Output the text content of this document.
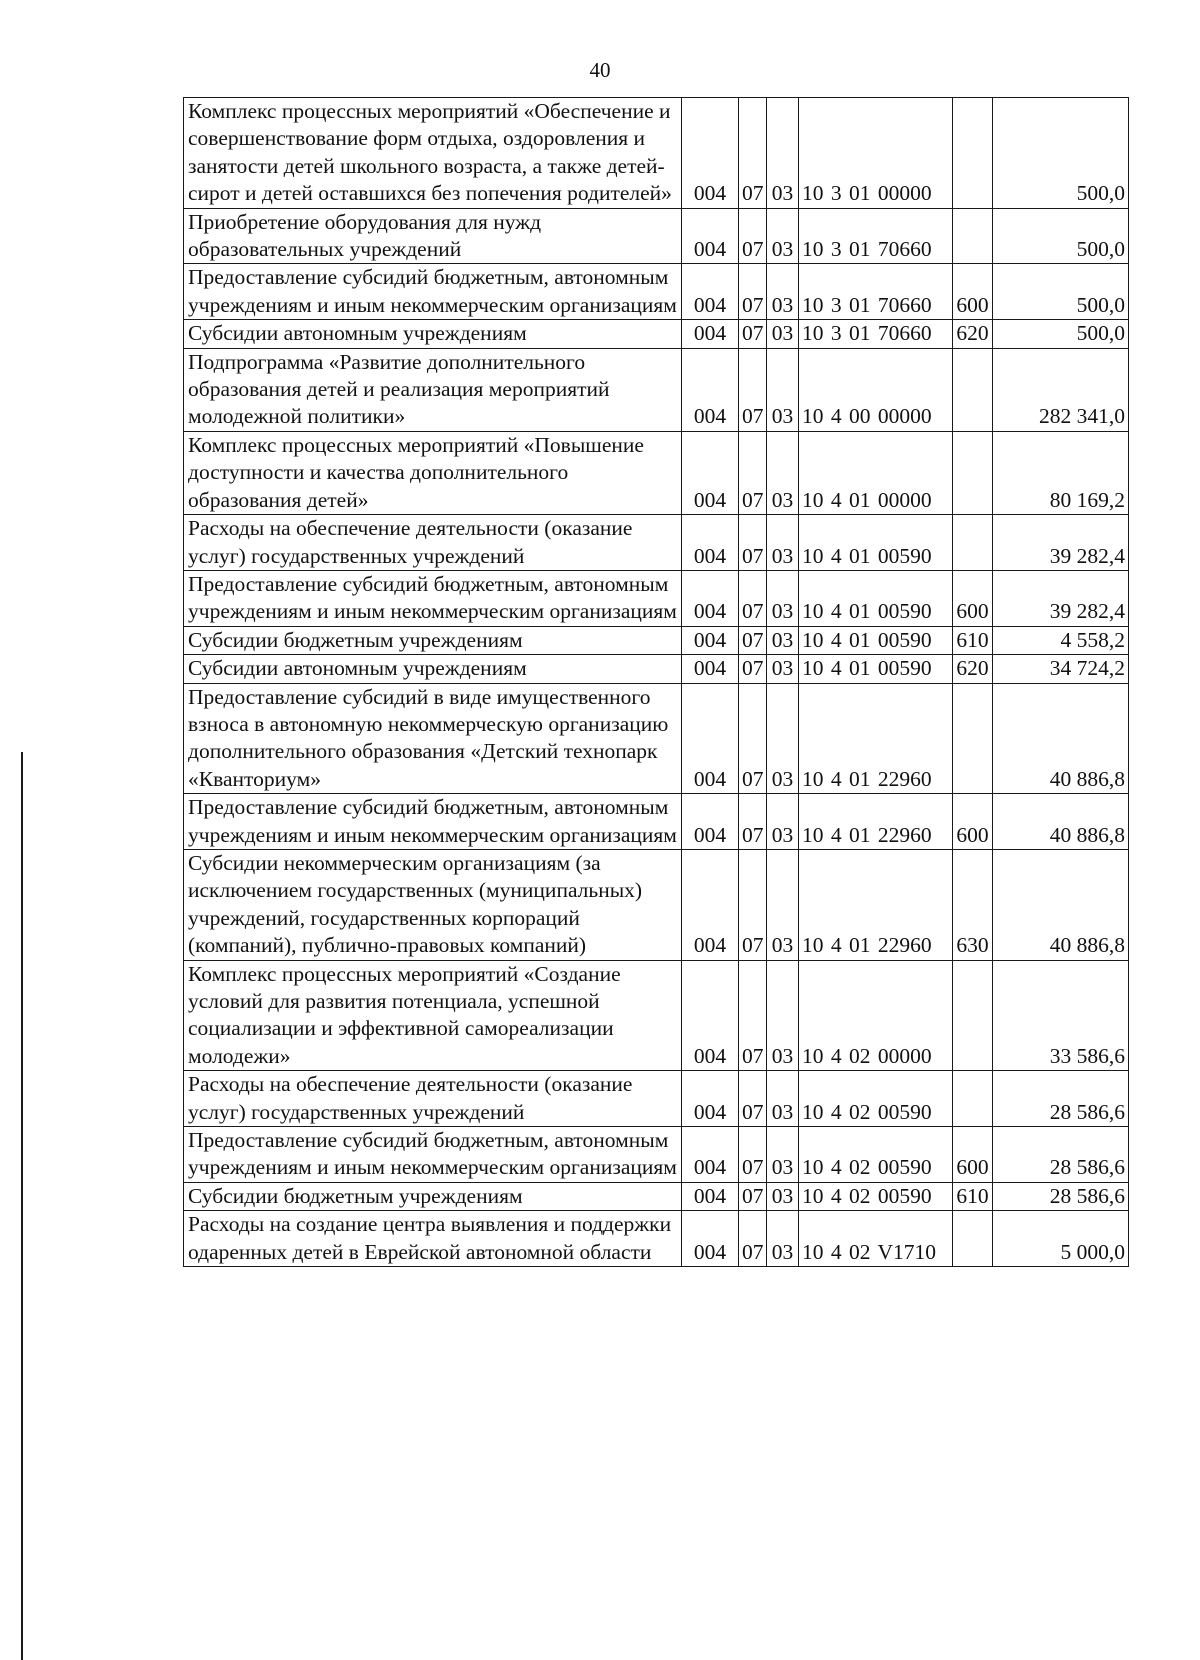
40
Комплекс процессных мероприятий «Обеспечение и совершенствование форм отдыха, оздоровления и занятости детей школьного возраста, а также детей-сирот и детей оставшихся без попечения родителей»	004	07	03	10 3 01 00000		500,0
Приобретение оборудования для нужд образовательных учреждений	004	07	03	10 3 01 70660		500,0
Предоставление субсидий бюджетным, автономным учреждениям и иным некоммерческим организациям	004	07	03	10 3 01 70660	600	500,0
Субсидии автономным учреждениям	004	07	03	10 3 01 70660	620	500,0
Подпрограмма «Развитие дополнительного образования детей и реализация мероприятий молодежной политики»	004	07	03	10 4 00 00000		282 341,0
Комплекс процессных мероприятий «Повышение доступности и качества дополнительного образования детей»	004	07	03	10 4 01 00000		80 169,2
Расходы на обеспечение деятельности (оказание услуг) государственных учреждений	004	07	03	10 4 01 00590		39 282,4
Предоставление субсидий бюджетным, автономным учреждениям и иным некоммерческим организациям	004	07	03	10 4 01 00590	600	39 282,4
Субсидии бюджетным учреждениям	004	07	03	10 4 01 00590	610	4 558,2
Субсидии автономным учреждениям	004	07	03	10 4 01 00590	620	34 724,2
Предоставление субсидий в виде имущественного взноса в автономную некоммерческую организацию дополнительного образования «Детский технопарк «Кванториум»	004	07	03	10 4 01 22960		40 886,8
Предоставление субсидий бюджетным, автономным учреждениям и иным некоммерческим организациям	004	07	03	10 4 01 22960	600	40 886,8
Субсидии некоммерческим организациям (за исключением государственных (муниципальных) учреждений, государственных корпораций (компаний), публично-правовых компаний)	004	07	03	10 4 01 22960	630	40 886,8
Комплекс процессных мероприятий «Создание условий для развития потенциала, успешной социализации и эффективной самореализации молодежи»	004	07	03	10 4 02 00000		33 586,6
Расходы на обеспечение деятельности (оказание услуг) государственных учреждений	004	07	03	10 4 02 00590		28 586,6
Предоставление субсидий бюджетным, автономным учреждениям и иным некоммерческим организациям	004	07	03	10 4 02 00590	600	28 586,6
Субсидии бюджетным учреждениям	004	07	03	10 4 02 00590	610	28 586,6
Расходы на создание центра выявления и поддержки одаренных детей в Еврейской автономной области	004	07	03	10 4 02 V1710		5 000,0
